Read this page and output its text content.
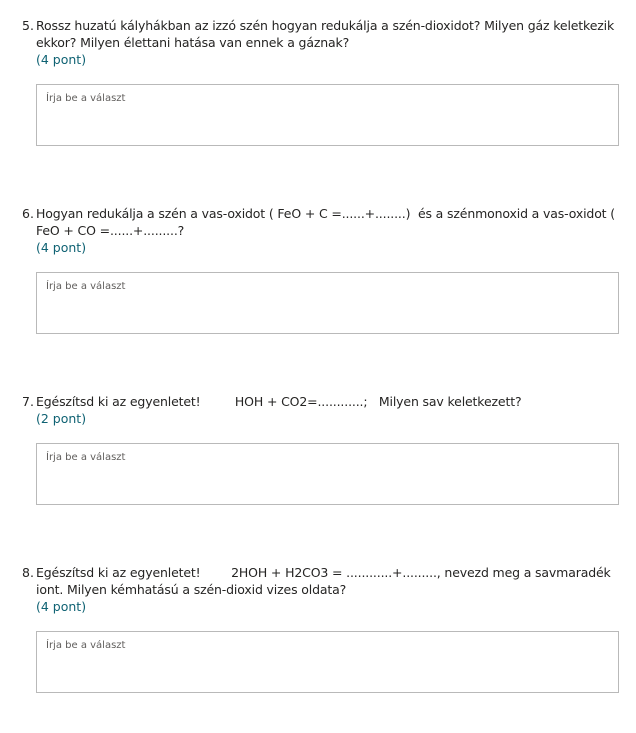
5. Rossz huzatú kályhákban az izzó szén hogyan redukálja a szén-dioxidot? Milyen gáz keletkezik ekkor? Milyen élettani hatása van ennek a gáznak?
(4 pont)
Írja be a választ
6. Hogyan redukálja a szén a vas-oxidot ( FeO + C =......+........)  és a szénmonoxid a vas-oxidot ( FeO + CO =......+.........?
(4 pont)
Írja be a választ
7. Egészítsd ki az egyenletet!         HOH + CO2=............;   Milyen sav keletkezett?
(2 pont)
Írja be a választ
8. Egészítsd ki az egyenletet!        2HOH + H2CO3 = ............+........., nevezd meg a savmaradék iont. Milyen kémhatású a szén-dioxid vizes oldata?
(4 pont)
Írja be a választ
